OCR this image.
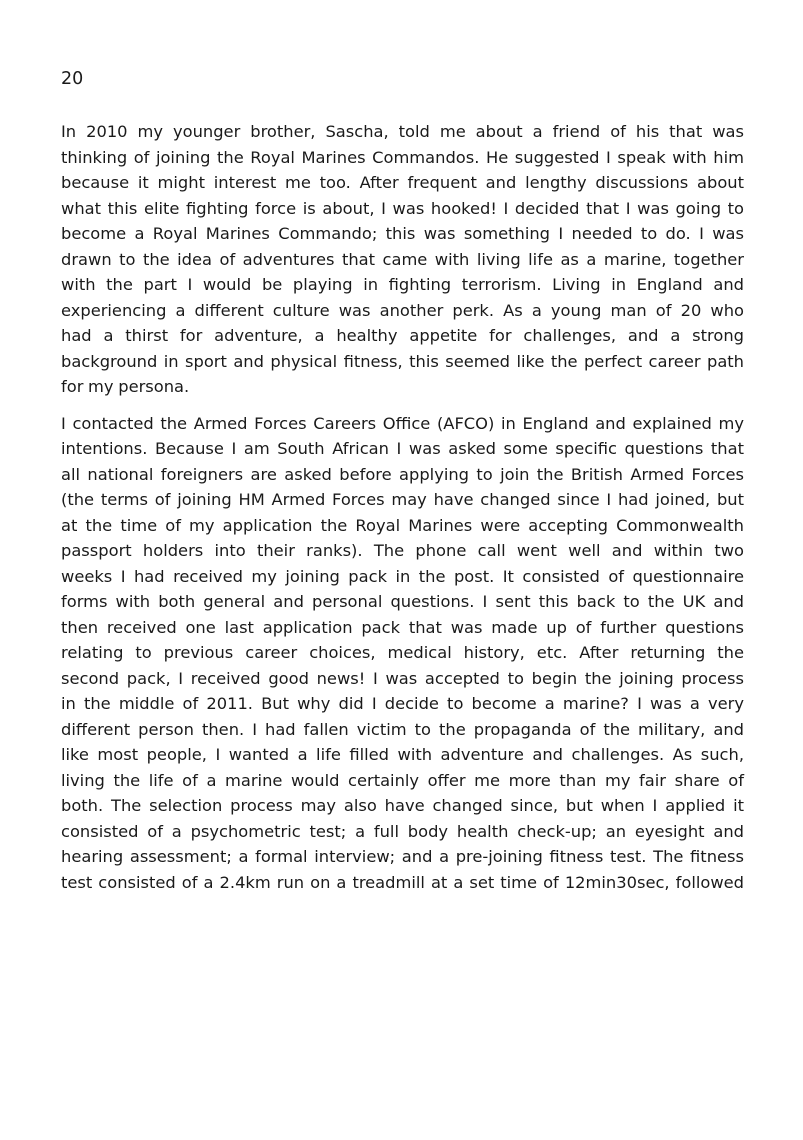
20

In 2010 my younger brother, Sascha, told me about a friend of his that was
thinking of joining the Royal Marines Commandos. He suggested I speak with him
because it might interest me too. After frequent and lengthy discussions about
what this elite fighting force is about, I was hooked! I decided that I was going to
become a Royal Marines Commando; this was something I needed to do. I was
drawn to the idea of adventures that came with living life as a marine, together
with the part I would be playing in fighting terrorism. Living in England and
experiencing a different culture was another perk. As a young man of 20 who
had a thirst for adventure, a healthy appetite for challenges, and a strong
background in sport and physical fitness, this seemed like the perfect career path
for my persona.

I contacted the Armed Forces Careers Office (AFCO) in England and explained my
intentions. Because I am South African I was asked some specific questions that
all national foreigners are asked before applying to join the British Armed Forces
(the terms of joining HM Armed Forces may have changed since I had joined, but
at the time of my application the Royal Marines were accepting Commonwealth
passport holders into their ranks). The phone call went well and within two
weeks I had received my joining pack in the post. It consisted of questionnaire
forms with both general and personal questions. I sent this back to the UK and
then received one last application pack that was made up of further questions
relating to previous career choices, medical history, etc. After returning the
second pack, I received good news! I was accepted to begin the joining process
in the middle of 2011. But why did I decide to become a marine? I was a very
different person then. I had fallen victim to the propaganda of the military, and
like most people, I wanted a life filled with adventure and challenges. As such,
living the life of a marine would certainly offer me more than my fair share of
both. The selection process may also have changed since, but when I applied it
consisted of a psychometric test; a full body health check-up; an eyesight and
hearing assessment; a formal interview; and a pre-joining fitness test. The fitness
test consisted of a 2.4km run on a treadmill at a set time of 12min30sec, followed
